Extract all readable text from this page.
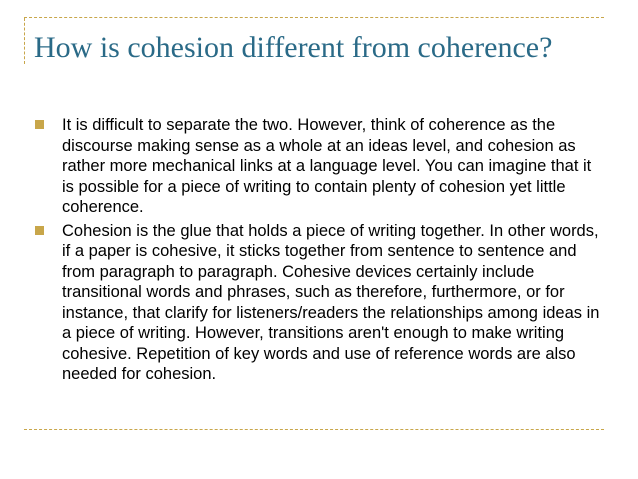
How is cohesion different from coherence?
It is difficult to separate the two. However, think of coherence as the discourse making sense as a whole at an ideas level, and cohesion as rather more mechanical links at a language level. You can imagine that it is possible for a piece of writing to contain plenty of cohesion yet little coherence.
Cohesion is the glue that holds a piece of writing together. In other words, if a paper is cohesive, it sticks together from sentence to sentence and from paragraph to paragraph. Cohesive devices certainly include transitional words and phrases, such as therefore, furthermore, or for instance, that clarify for listeners/readers the relationships among ideas in a piece of writing. However, transitions aren't enough to make writing cohesive. Repetition of key words and use of reference words are also needed for cohesion.
